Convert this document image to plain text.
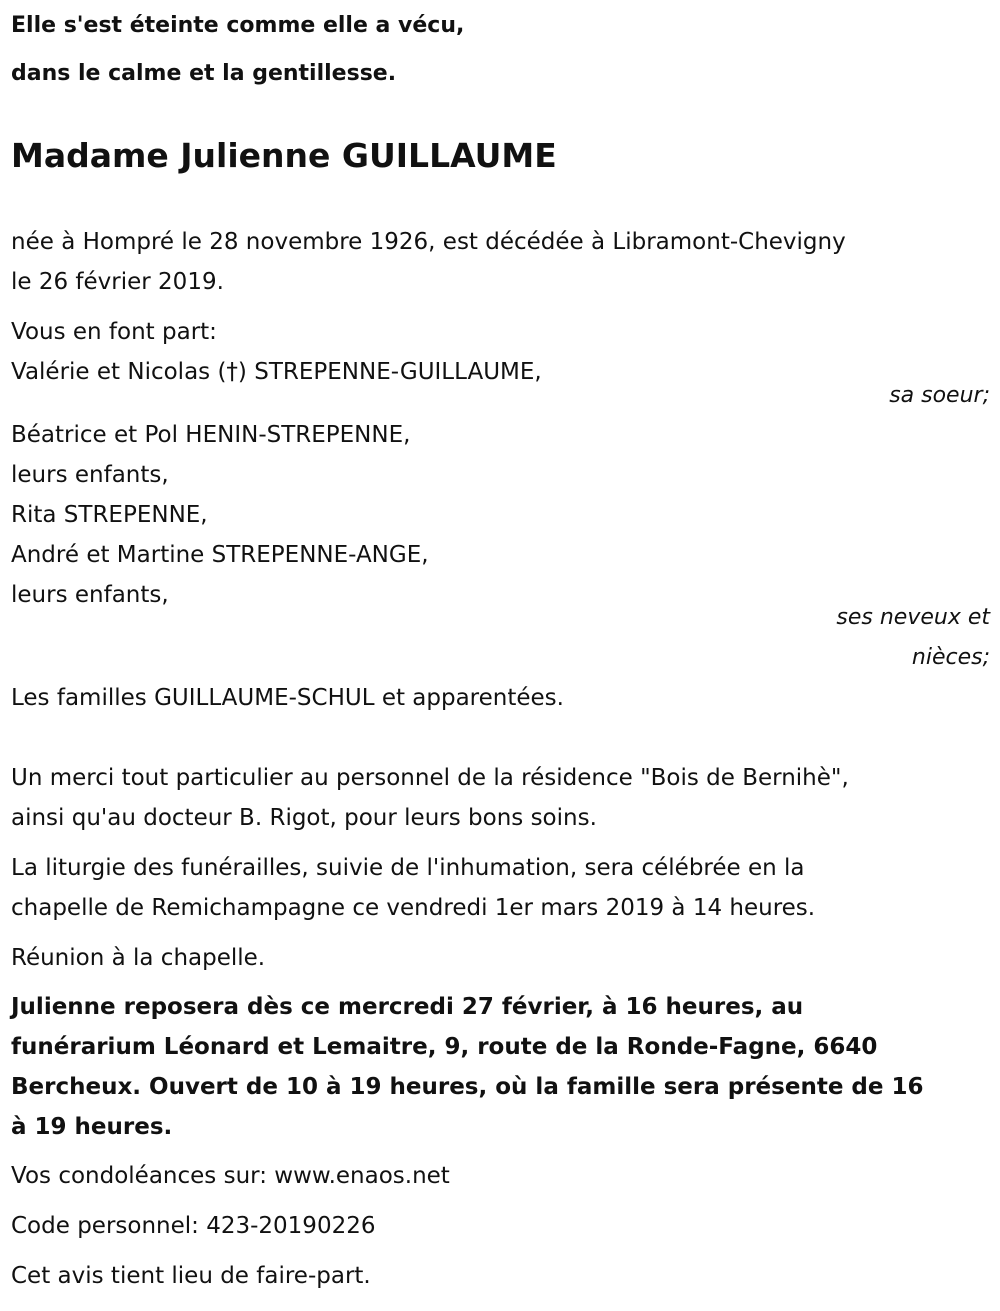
Elle s'est éteinte comme elle a vécu,

dans le calme et la gentillesse.

Madame Julienne GUILLAUME

née à Hompré le 28 novembre 1926, est décédée à Libramont-Chevigny

le 26 février 2019.

Vous en font part:

Valérie et Nicolas (†) STREPENNE-GUILLAUME,

sa soeur;

Béatrice et Pol HENIN-STREPENNE,

leurs enfants,

Rita STREPENNE,

André et Martine STREPENNE-ANGE,

leurs enfants,

ses neveux et

nièces;

Les familles GUILLAUME-SCHUL et apparentées.

Un merci tout particulier au personnel de la résidence "Bois de Bernihè",

ainsi qu'au docteur B. Rigot, pour leurs bons soins.

La liturgie des funérailles, suivie de l'inhumation, sera célébrée en la

chapelle de Remichampagne ce vendredi 1er mars 2019 à 14 heures.

Réunion à la chapelle.

Julienne reposera dès ce mercredi 27 février, à 16 heures, au

funérarium Léonard et Lemaitre, 9, route de la Ronde-Fagne, 6640

Bercheux. Ouvert de 10 à 19 heures, où la famille sera présente de 16

à 19 heures.

Vos condoléances sur: www.enaos.net

Code personnel: 423-20190226

Cet avis tient lieu de faire-part.
